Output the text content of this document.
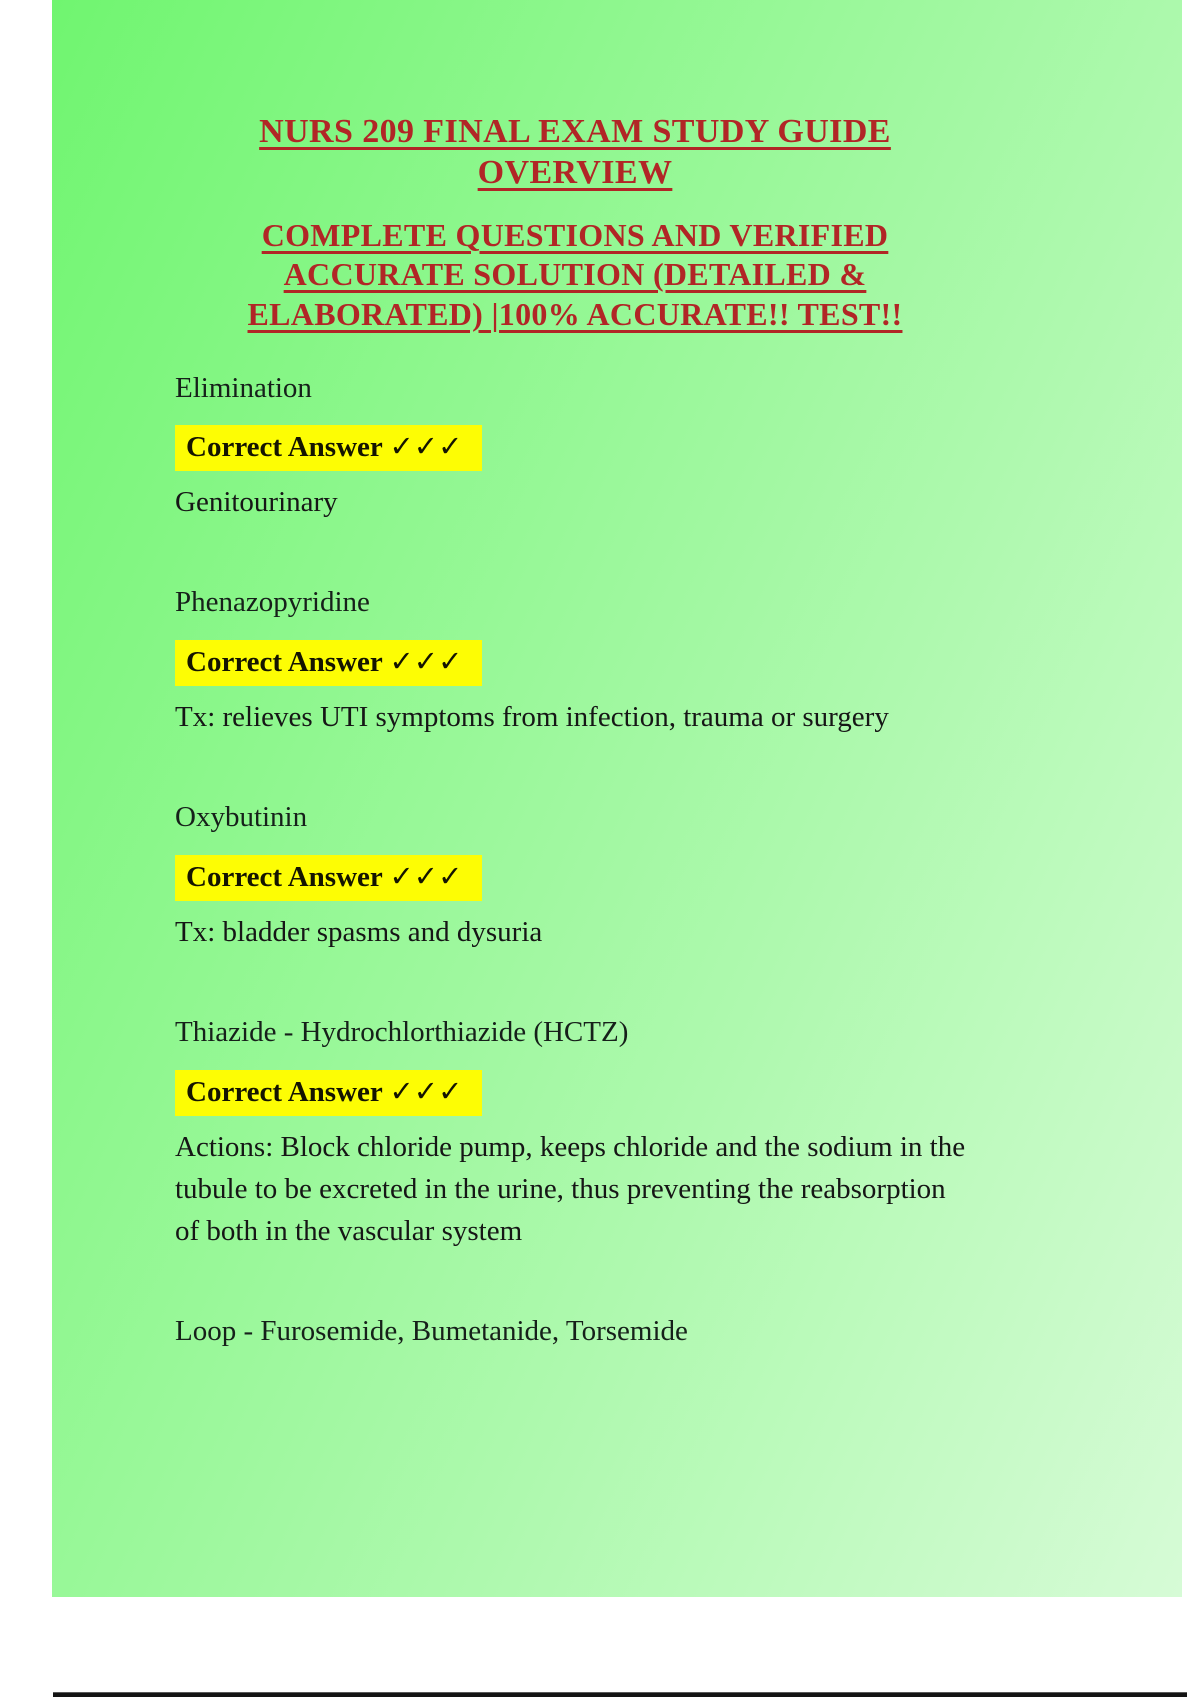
NURS 209 FINAL EXAM STUDY GUIDE OVERVIEW
COMPLETE QUESTIONS AND VERIFIED
ACCURATE SOLUTION (DETAILED &
ELABORATED) |100% ACCURATE!! TEST!!

Elimination

Correct Answer ✓✓✓

Genitourinary

Phenazopyridine

Correct Answer ✓✓✓

Tx: relieves UTI symptoms from infection, trauma or surgery

Oxybutinin

Correct Answer ✓✓✓

Tx: bladder spasms and dysuria

Thiazide - Hydrochlorthiazide (HCTZ)

Correct Answer ✓✓✓

Actions: Block chloride pump, keeps chloride and the sodium in the tubule to be excreted in the urine, thus preventing the reabsorption of both in the vascular system

Loop - Furosemide, Bumetanide, Torsemide
